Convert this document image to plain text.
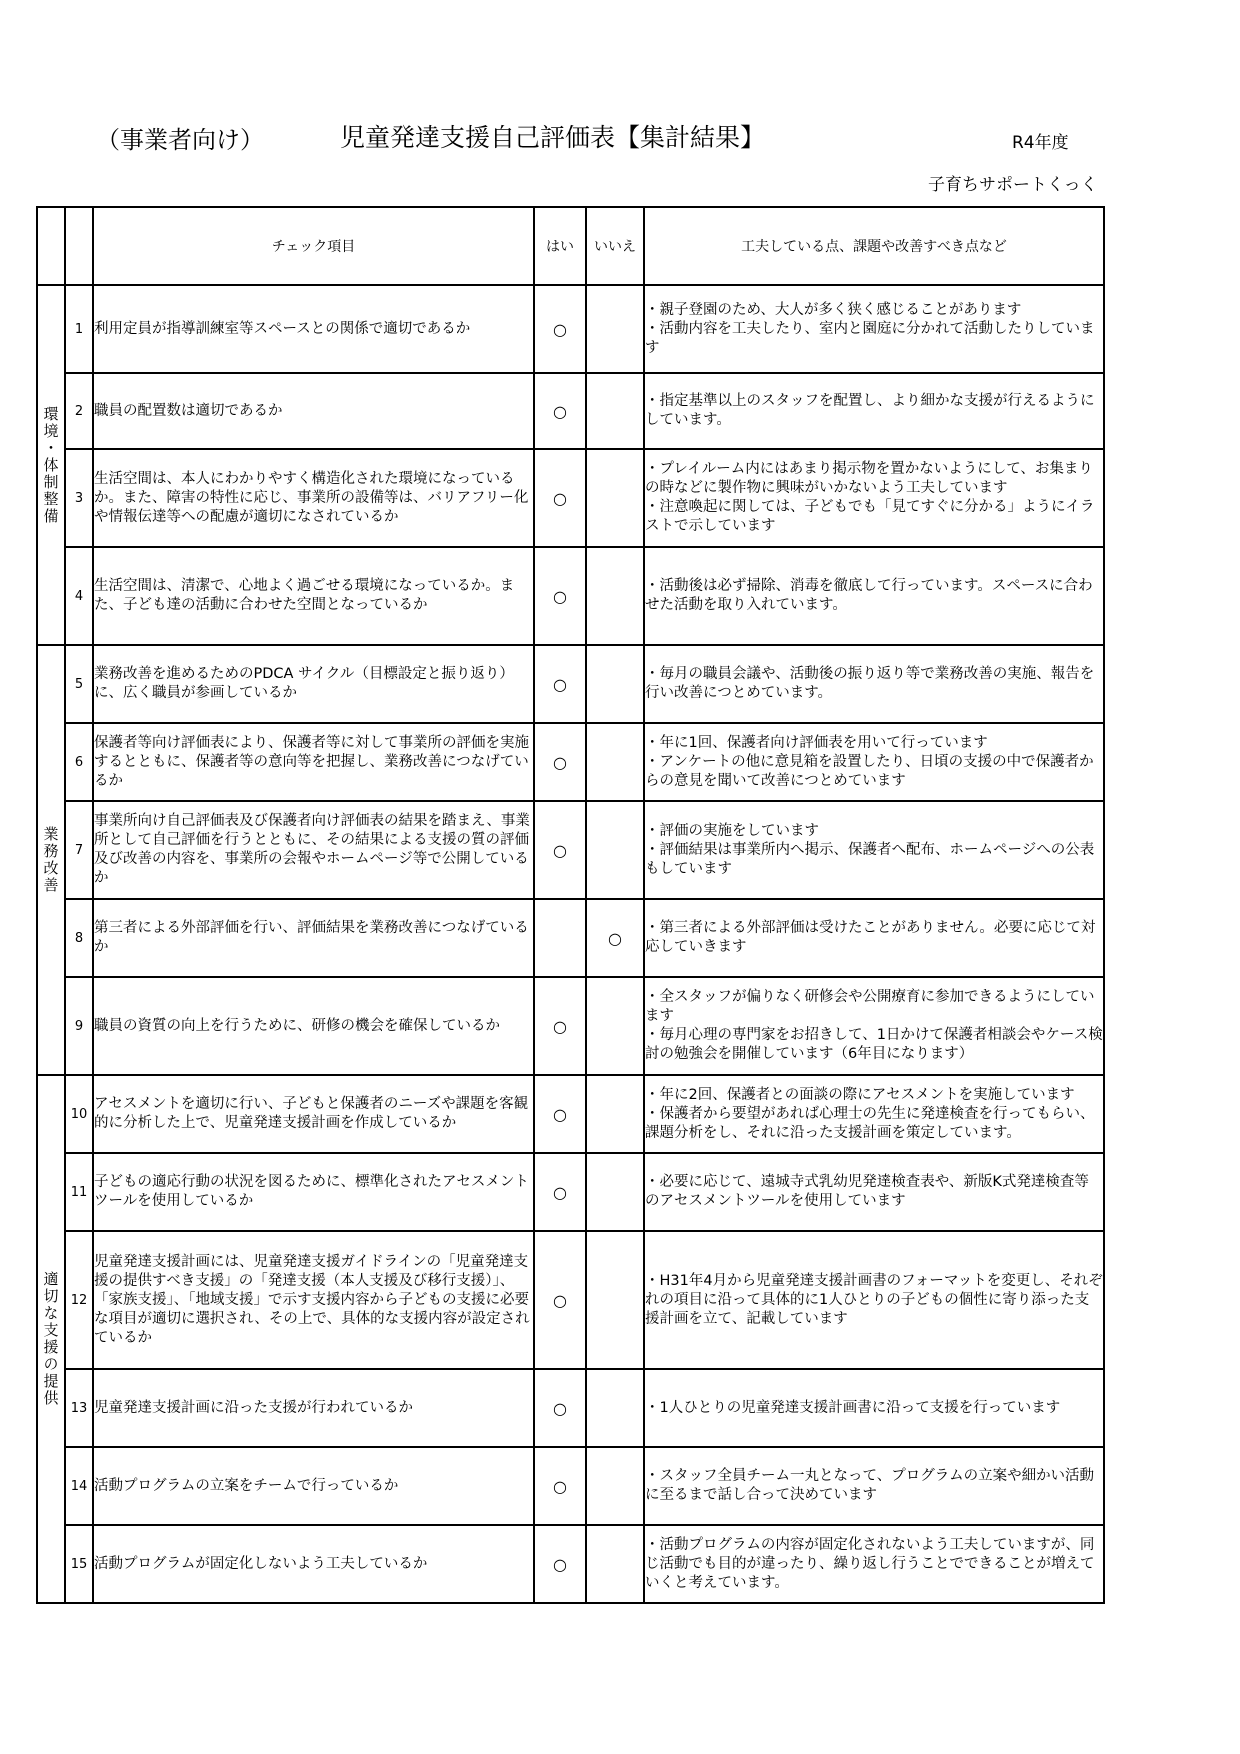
（事業者向け）	児童発達支援自己評価表【集計結果】	R4年度
子育ちサポートくっく
		チェック項目	はい	いいえ	工夫している点、課題や改善すべき点など
環境・体制整備	1	利用定員が指導訓練室等スペースとの関係で適切であるか	○		・親子登園のため、大人が多く狭く感じることがあります
・活動内容を工夫したり、室内と園庭に分かれて活動したりしています
	2	職員の配置数は適切であるか	○		・指定基準以上のスタッフを配置し、より細かな支援が行えるようにしています。
	3	生活空間は、本人にわかりやすく構造化された環境になっているか。また、障害の特性に応じ、事業所の設備等は、バリアフリー化や情報伝達等への配慮が適切になされているか	○		・プレイルーム内にはあまり掲示物を置かないようにして、お集まりの時などに製作物に興味がいかないよう工夫しています
・注意喚起に関しては、子どもでも「見てすぐに分かる」ようにイラストで示しています
	4	生活空間は、清潔で、心地よく過ごせる環境になっているか。また、子ども達の活動に合わせた空間となっているか	○		・活動後は必ず掃除、消毒を徹底して行っています。スペースに合わせた活動を取り入れています。
業務改善	5	業務改善を進めるためのPDCA サイクル（目標設定と振り返り）に、広く職員が参画しているか	○		・毎月の職員会議や、活動後の振り返り等で業務改善の実施、報告を行い改善につとめています。
	6	保護者等向け評価表により、保護者等に対して事業所の評価を実施するとともに、保護者等の意向等を把握し、業務改善につなげているか	○		・年に1回、保護者向け評価表を用いて行っています
・アンケートの他に意見箱を設置したり、日頃の支援の中で保護者からの意見を聞いて改善につとめています
	7	事業所向け自己評価表及び保護者向け評価表の結果を踏まえ、事業所として自己評価を行うとともに、その結果による支援の質の評価及び改善の内容を、事業所の会報やホームページ等で公開しているか	○		・評価の実施をしています
・評価結果は事業所内へ掲示、保護者へ配布、ホームページへの公表もしています
	8	第三者による外部評価を行い、評価結果を業務改善につなげているか		○	・第三者による外部評価は受けたことがありません。必要に応じて対応していきます
	9	職員の資質の向上を行うために、研修の機会を確保しているか	○		・全スタッフが偏りなく研修会や公開療育に参加できるようにしています
・毎月心理の専門家をお招きして、1日かけて保護者相談会やケース検討の勉強会を開催しています（6年目になります）
適切な支援の提供	10	アセスメントを適切に行い、子どもと保護者のニーズや課題を客観的に分析した上で、児童発達支援計画を作成しているか	○		・年に2回、保護者との面談の際にアセスメントを実施しています
・保護者から要望があれば心理士の先生に発達検査を行ってもらい、課題分析をし、それに沿った支援計画を策定しています。
	11	子どもの適応行動の状況を図るために、標準化されたアセスメントツールを使用しているか	○		・必要に応じて、遠城寺式乳幼児発達検査表や、新版K式発達検査等のアセスメントツールを使用しています
	12	児童発達支援計画には、児童発達支援ガイドラインの「児童発達支援の提供すべき支援」の「発達支援（本人支援及び移行支援）」、「家族支援」、「地域支援」で示す支援内容から子どもの支援に必要な項目が適切に選択され、その上で、具体的な支援内容が設定されているか	○		・H31年4月から児童発達支援計画書のフォーマットを変更し、それぞれの項目に沿って具体的に1人ひとりの子どもの個性に寄り添った支援計画を立て、記載しています
	13	児童発達支援計画に沿った支援が行われているか	○		・1人ひとりの児童発達支援計画書に沿って支援を行っています
	14	活動プログラムの立案をチームで行っているか	○		・スタッフ全員チーム一丸となって、プログラムの立案や細かい活動に至るまで話し合って決めています
	15	活動プログラムが固定化しないよう工夫しているか	○		・活動プログラムの内容が固定化されないよう工夫していますが、同じ活動でも目的が違ったり、繰り返し行うことでできることが増えていくと考えています。
